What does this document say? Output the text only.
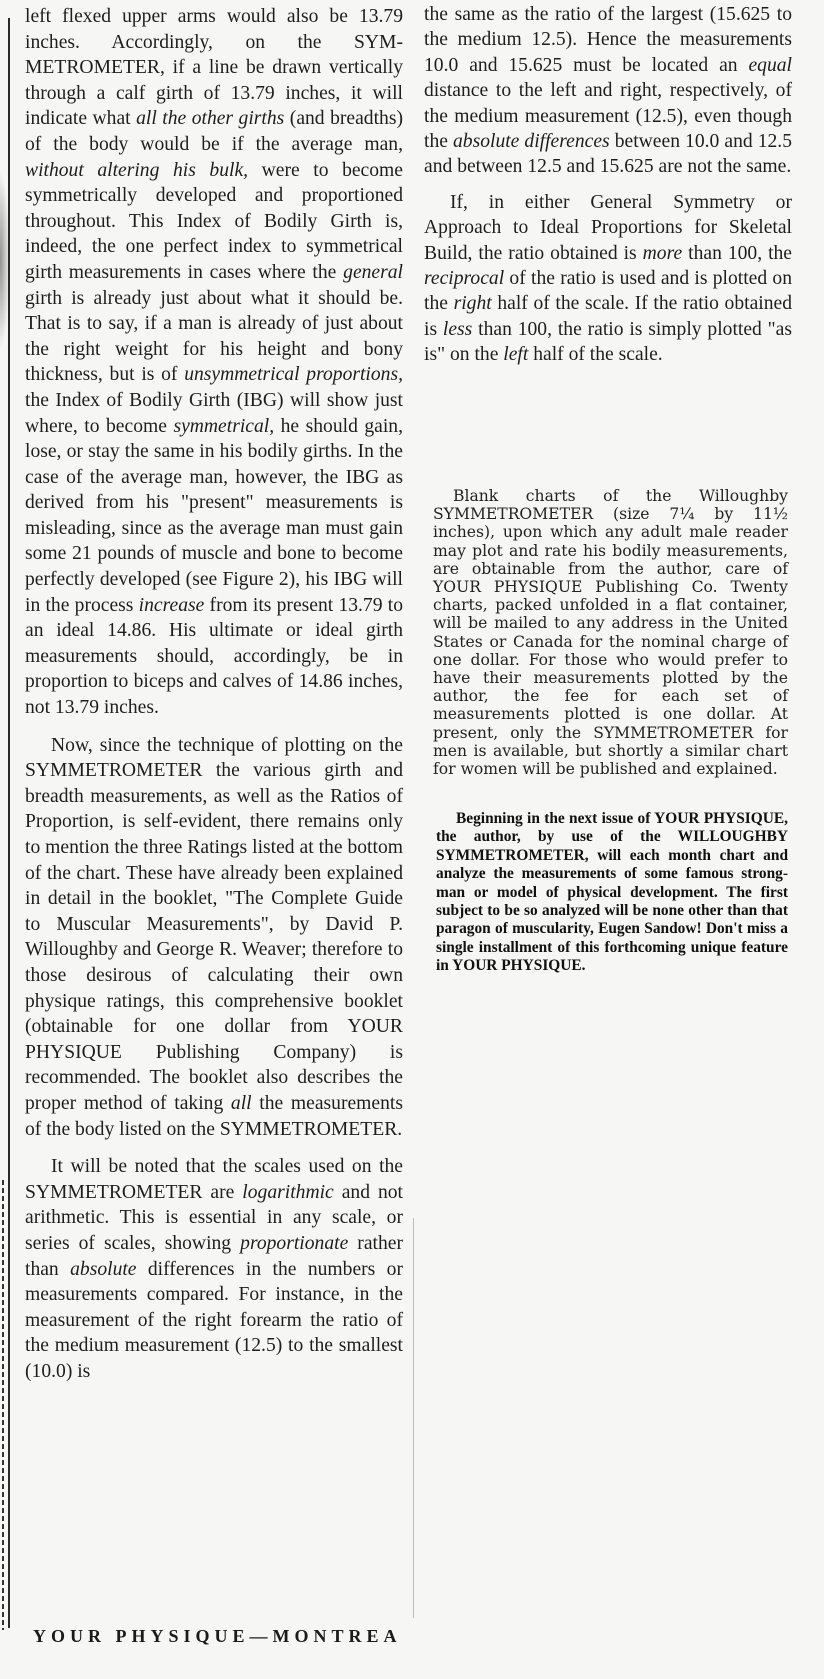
left flexed upper arms would also be 13.79 inches. Accordingly, on the SYM-METROMETER, if a line be drawn vertically through a calf girth of 13.79 inches, it will indicate what all the other girths (and breadths) of the body would be if the average man, without altering his bulk, were to become symmetrically developed and proportioned throughout. This Index of Bodily Girth is, indeed, the one perfect index to symmetrical girth measurements in cases where the general girth is already just about what it should be. That is to say, if a man is already of just about the right weight for his height and bony thickness, but is of unsymmetrical proportions, the Index of Bodily Girth (IBG) will show just where, to become symmetrical, he should gain, lose, or stay the same in his bodily girths. In the case of the average man, however, the IBG as derived from his "present" measurements is misleading, since as the average man must gain some 21 pounds of muscle and bone to become perfectly developed (see Figure 2), his IBG will in the process increase from its present 13.79 to an ideal 14.86. His ultimate or ideal girth measurements should, accordingly, be in proportion to biceps and calves of 14.86 inches, not 13.79 inches.

Now, since the technique of plotting on the SYMMETROMETER the various girth and breadth measurements, as well as the Ratios of Proportion, is self-evident, there remains only to mention the three Ratings listed at the bottom of the chart. These have already been explained in detail in the booklet, "The Complete Guide to Muscular Measurements", by David P. Willoughby and George R. Weaver; therefore to those desirous of calculating their own physique ratings, this comprehensive booklet (obtainable for one dollar from YOUR PHYSIQUE Publishing Company) is recommended. The booklet also describes the proper method of taking all the measurements of the body listed on the SYMMETROMETER.

It will be noted that the scales used on the SYMMETROMETER are logarithmic and not arithmetic. This is essential in any scale, or series of scales, showing proportionate rather than absolute differences in the numbers or measurements compared. For instance, in the measurement of the right forearm the ratio of the medium measurement (12.5) to the smallest (10.0) is

the same as the ratio of the largest (15.625 to the medium 12.5). Hence the measurements 10.0 and 15.625 must be located an equal distance to the left and right, respectively, of the medium measurement (12.5), even though the absolute differences between 10.0 and 12.5 and between 12.5 and 15.625 are not the same.

If, in either General Symmetry or Approach to Ideal Proportions for Skeletal Build, the ratio obtained is more than 100, the reciprocal of the ratio is used and is plotted on the right half of the scale. If the ratio obtained is less than 100, the ratio is simply plotted "as is" on the left half of the scale.

Blank charts of the Willoughby SYMMETROMETER (size 7¼ by 11½ inches), upon which any adult male reader may plot and rate his bodily measurements, are obtainable from the author, care of YOUR PHYSIQUE Publishing Co. Twenty charts, packed unfolded in a flat container, will be mailed to any address in the United States or Canada for the nominal charge of one dollar. For those who would prefer to have their measurements plotted by the author, the fee for each set of measurements plotted is one dollar. At present, only the SYMMETROMETER for men is available, but shortly a similar chart for women will be published and explained.

Beginning in the next issue of YOUR PHYSIQUE, the author, by use of the WILLOUGHBY SYMMETROMETER, will each month chart and analyze the measurements of some famous strong-man or model of physical development. The first subject to be so analyzed will be none other than that paragon of muscularity, Eugen Sandow! Don't miss a single installment of this forthcoming unique feature in YOUR PHYSIQUE.

YOUR PHYSIQUE—MONTREA
